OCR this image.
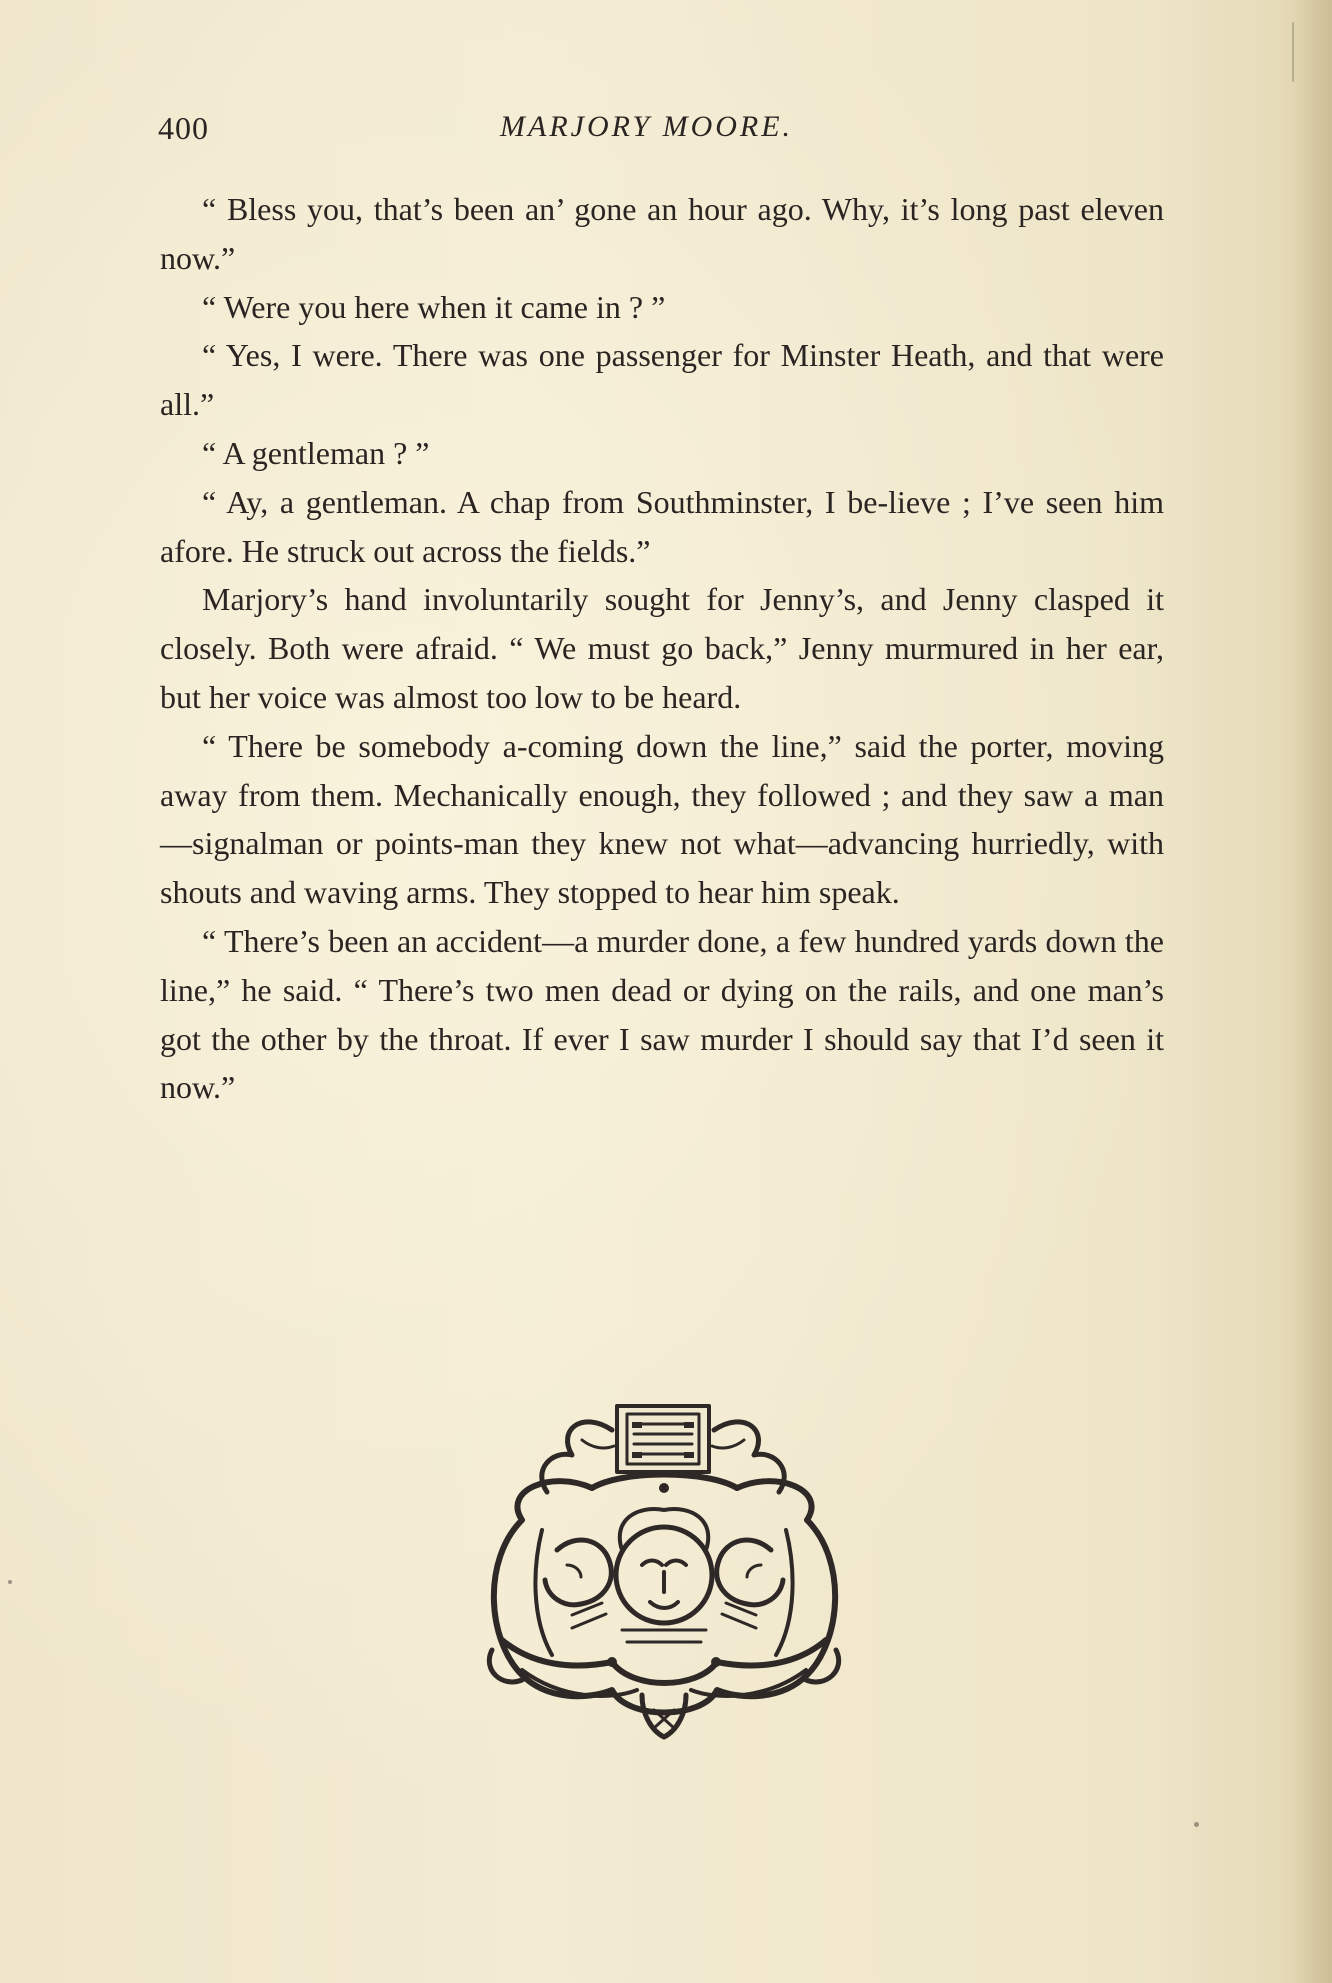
400	MARJORY MOORE.

“ Bless you, that’s been an’ gone an hour ago. Why, it’s long past eleven now.”

“ Were you here when it came in ? ”

“ Yes, I were. There was one passenger for Minster Heath, and that were all.”

“ A gentleman ? ”

“ Ay, a gentleman. A chap from Southminster, I be-lieve ; I’ve seen him afore. He struck out across the fields.”

Marjory’s hand involuntarily sought for Jenny’s, and Jenny clasped it closely. Both were afraid. “ We must go back,” Jenny murmured in her ear, but her voice was almost too low to be heard.

“ There be somebody a-coming down the line,” said the porter, moving away from them. Mechanically enough, they followed ; and they saw a man—signalman or points-man they knew not what—advancing hurriedly, with shouts and waving arms. They stopped to hear him speak.

“ There’s been an accident—a murder done, a few hundred yards down the line,” he said. “ There’s two men dead or dying on the rails, and one man’s got the other by the throat. If ever I saw murder I should say that I’d seen it now.”
